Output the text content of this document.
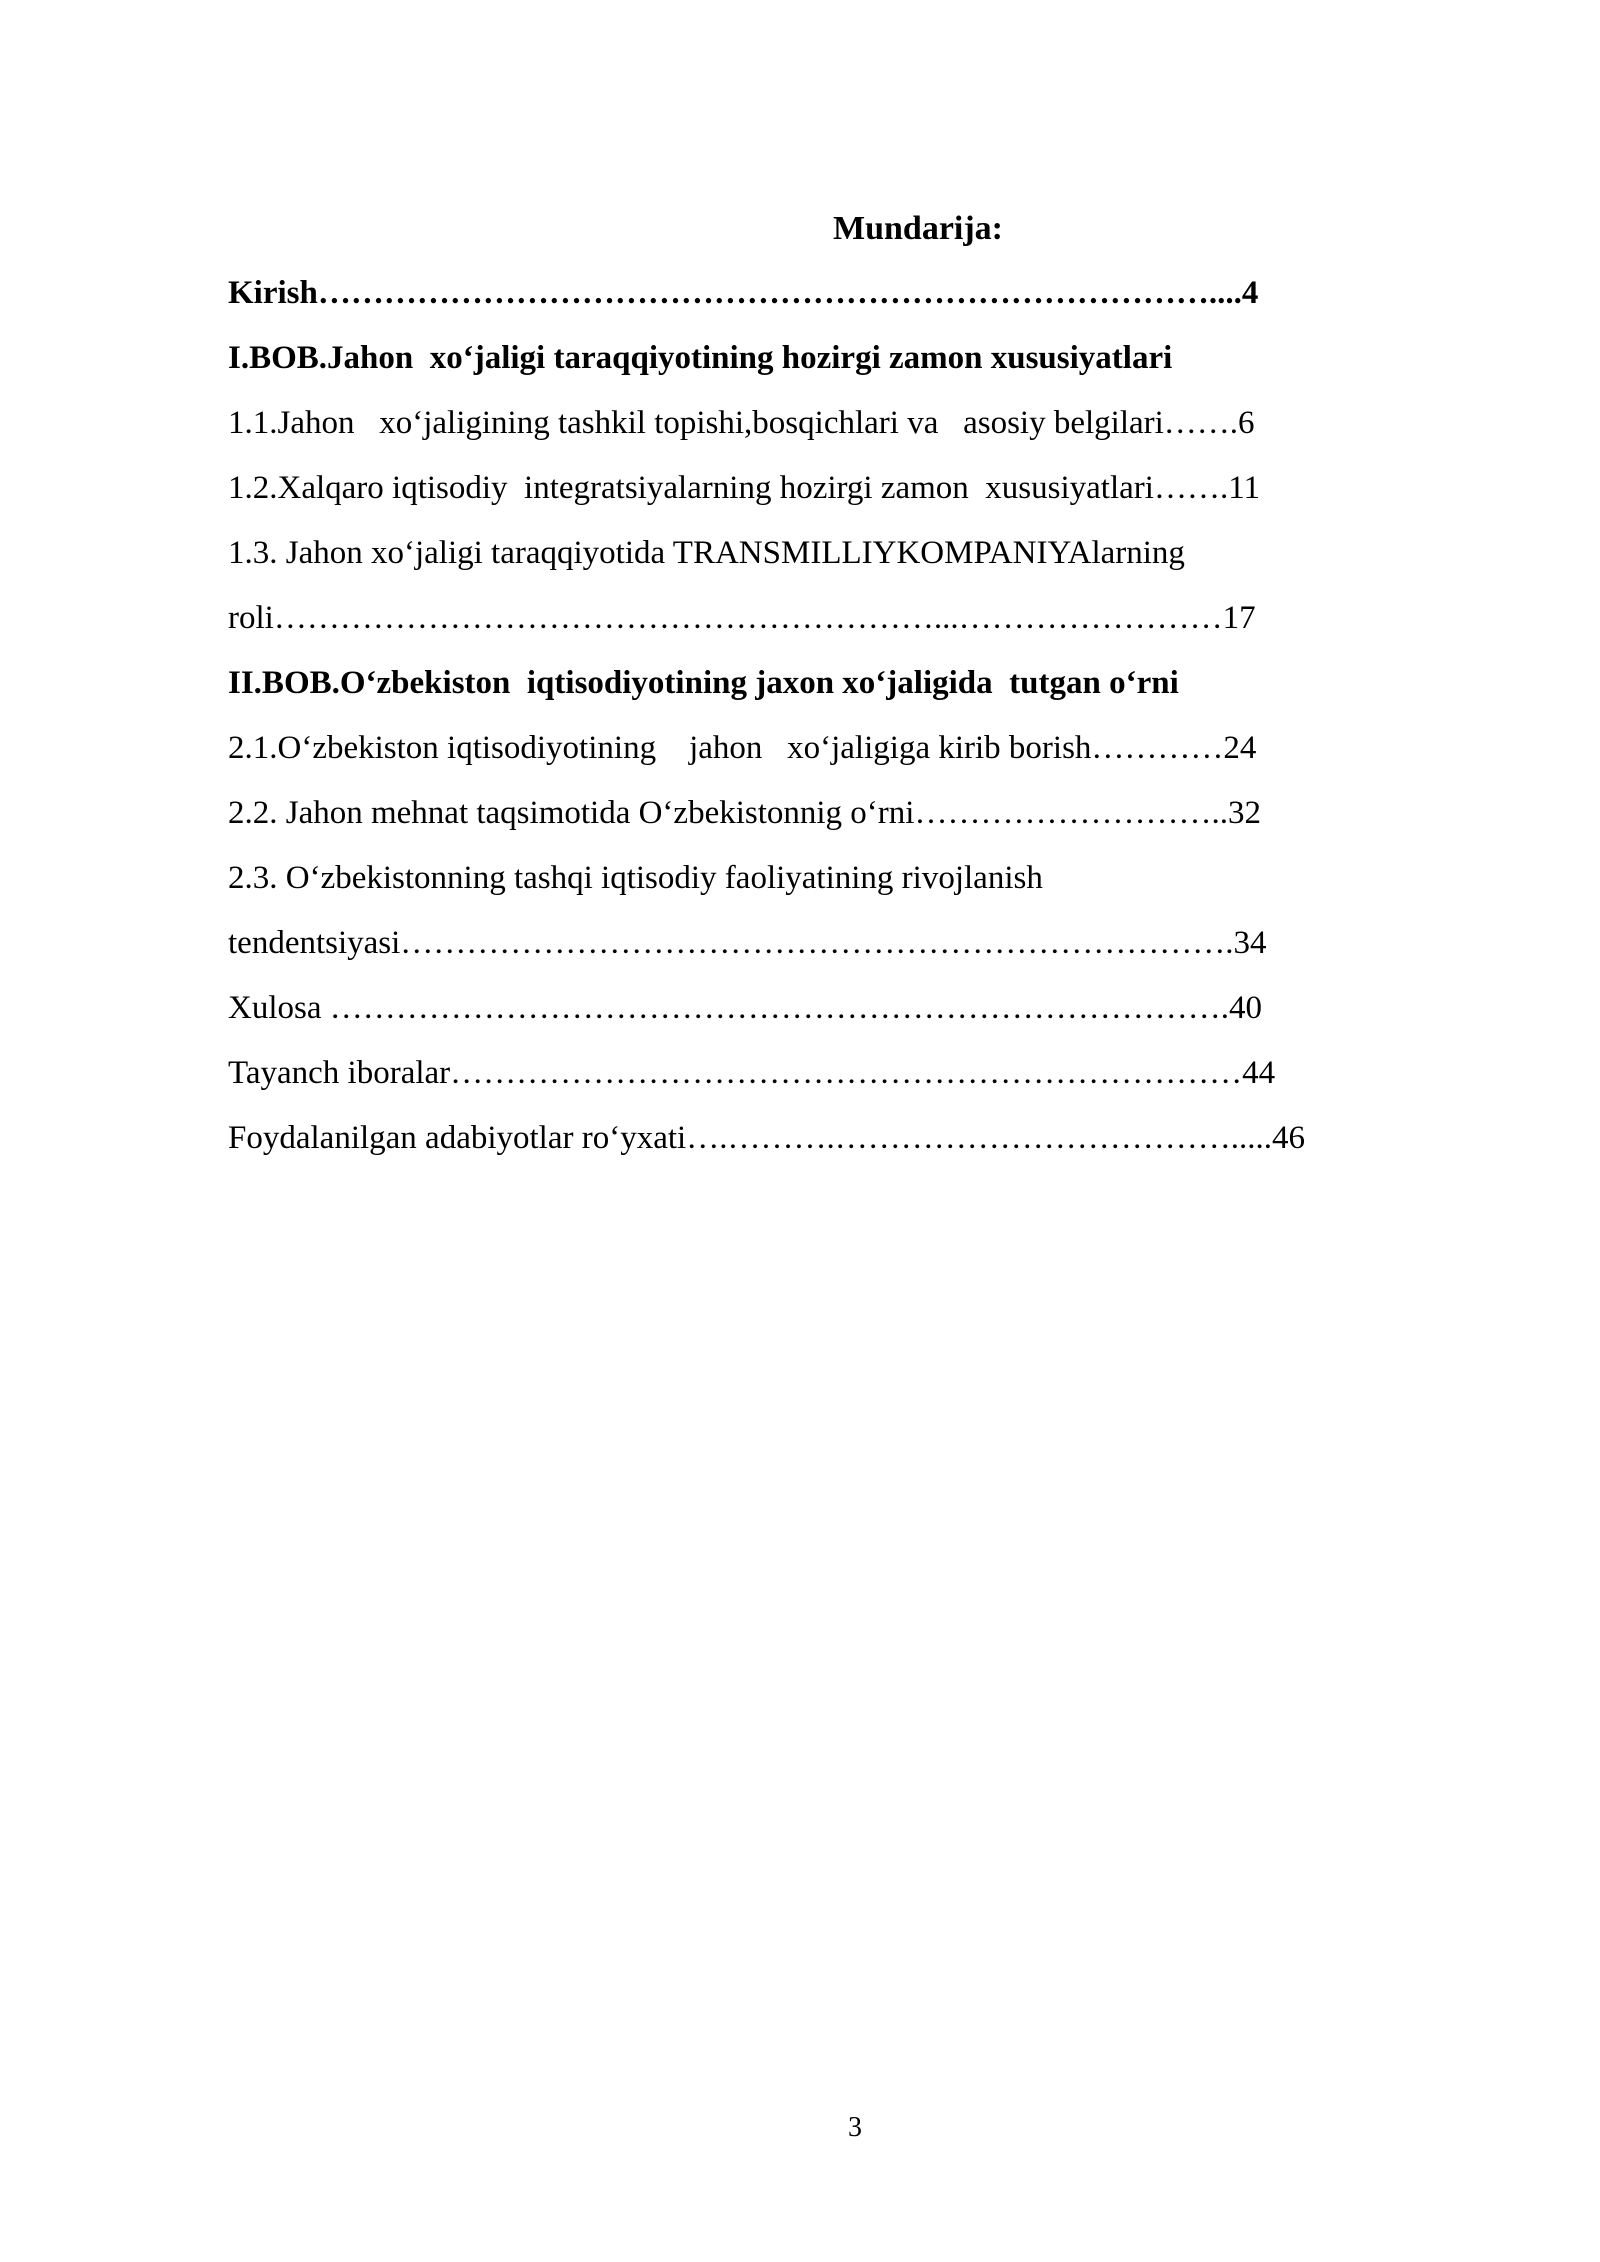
Mundarija:
Kirish………………………………………………………………………....4
I.BOB.Jahon  xo‘jaligi taraqqiyotining hozirgi zamon xususiyatlari
1.1.Jahon   xo‘jaligining tashkil topishi,bosqichlari va   asosiy belgilari…….6
1.2.Xalqaro iqtisodiy  integratsiyalarning hozirgi zamon  xususiyatlari…….11
1.3. Jahon xo‘jaligi taraqqiyotida TRANSMILLIYKOMPANIYAlarning
roli……………………………………………………...……………………17
II.BOB.O‘zbekiston  iqtisodiyotining jaxon xo‘jaligida  tutgan o‘rni
2.1.O‘zbekiston iqtisodiyotining    jahon   xo‘jaligiga kirib borish…………24
2.2. Jahon mehnat taqsimotida O‘zbekistonnig o‘rni………………………..32
2.3. O‘zbekistonning tashqi iqtisodiy faoliyatining rivojlanish
tendentsiyasi………………………………………………………………….34
Xulosa ……………………………………………………………………….40
Tayanch iboralar………………………………………………………………44
Foydalanilgan adabiyotlar ro‘yxati….……….……………………………….....46
3
